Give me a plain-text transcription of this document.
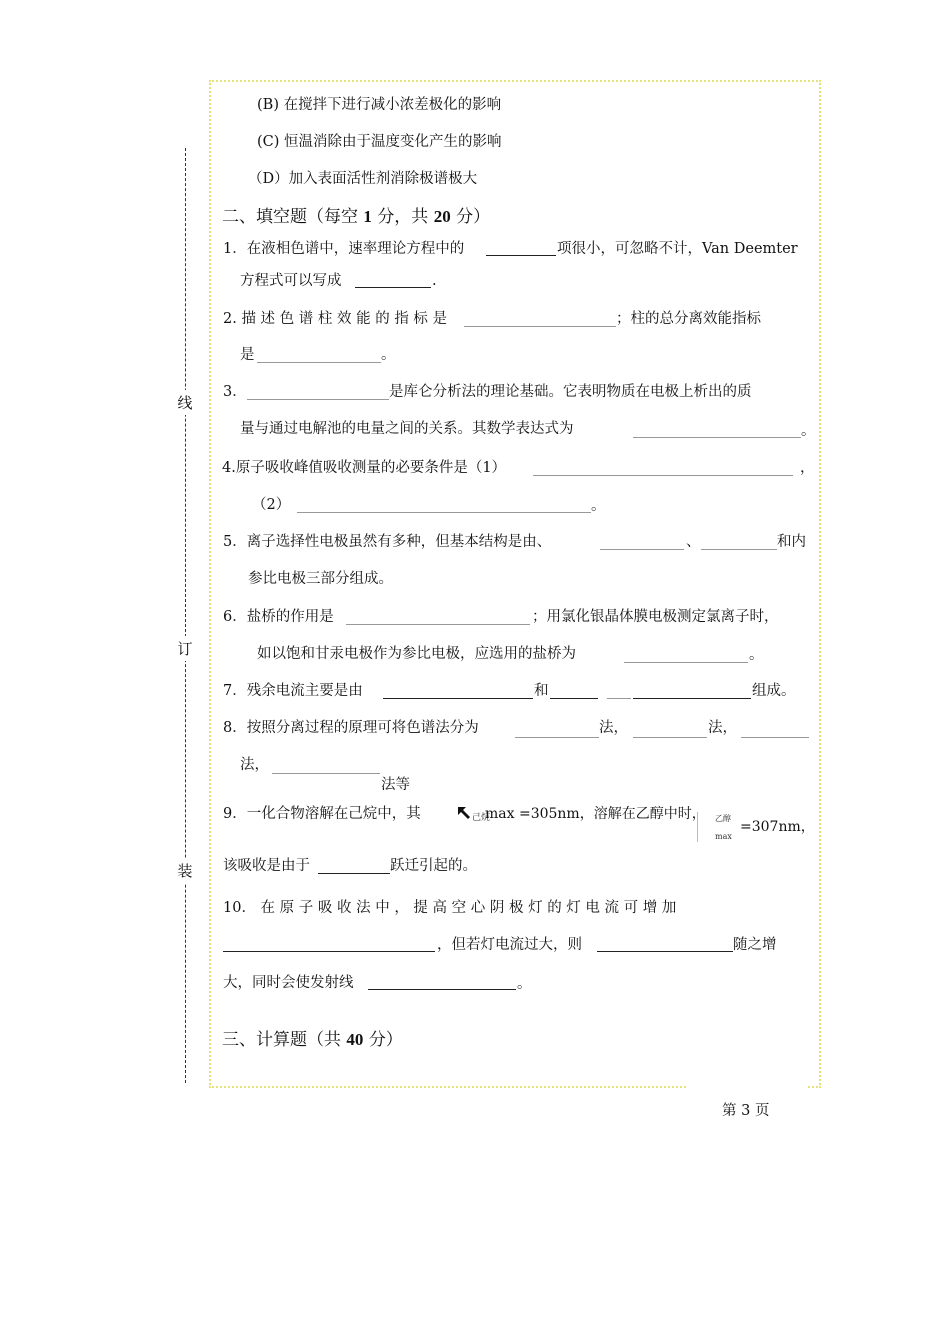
线
订
装
(B) 在搅拌下进行减小浓差极化的影响
(C) 恒温消除由于温度变化产生的影响
（D）加入表面活性剂消除极谱极大
二、填空题（每空 1 分，共 20 分）
1．在液相色谱中，速率理论方程中的	项很小，可忽略不计，Van Deemter
方程式可以写成	.
2. 描 述 色 谱 柱 效 能 的 指 标 是	；柱的总分离效能指标
是	。
3．	是库仑分析法的理论基础。它表明物质在电极上析出的质
量与通过电解池的电量之间的关系。其数学表达式为	。
4.原子吸收峰值吸收测量的必要条件是（1）	，
（2）	。
5．离子选择性电极虽然有多种，但基本结构是由、	、	和内
参比电极三部分组成。
6．盐桥的作用是	；用氯化银晶体膜电极测定氯离子时，
如以饱和甘汞电极作为参比电极，应选用的盐桥为	。
7．残余电流主要是由	和	组成。
8．按照分离过程的原理可将色谱法分为	法，	法，
法，
法等
9．一化合物溶解在己烷中，其	己烷
max =305nm，溶解在乙醇中时， 乙醇
max
=307nm，
该吸收是由于	跃迁引起的。
10． 在 原 子 吸 收 法 中 ， 提 高 空 心 阴 极 灯 的 灯 电 流 可 增 加
，但若灯电流过大，则	随之增
大，同时会使发射线	。
三、计算题（共 40 分）
第 3 页
